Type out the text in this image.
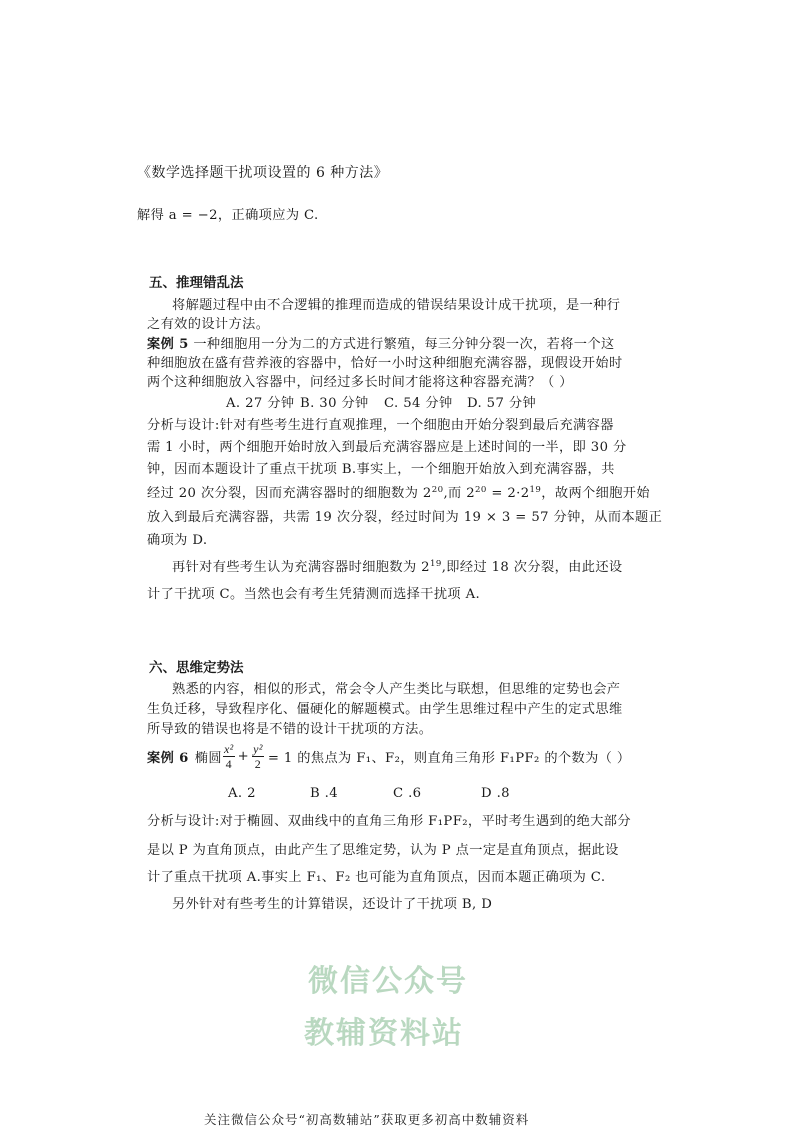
《数学选择题干扰项设置的 6 种方法》
解得 a = −2，正确项应为 C.
五、推理错乱法
将解题过程中由不合逻辑的推理而造成的错误结果设计成干扰项，是一种行
之有效的设计方法。
案例 5 一种细胞用一分为二的方式进行繁殖，每三分钟分裂一次，若将一个这
种细胞放在盛有营养液的容器中，恰好一小时这种细胞充满容器，现假设开始时
两个这种细胞放入容器中，问经过多长时间才能将这种容器充满？（ ）
A. 27 分钟 B. 30 分钟 C. 54 分钟 D. 57 分钟
分析与设计:针对有些考生进行直观推理，一个细胞由开始分裂到最后充满容器
需 1 小时，两个细胞开始时放入到最后充满容器应是上述时间的一半，即 30 分
钟，因而本题设计了重点干扰项 B.事实上，一个细胞开始放入到充满容器，共
经过 20 次分裂，因而充满容器时的细胞数为 $2^{20}$,而 $2^{20} = 2\cdot 2^{19}$，故两个细胞开始
放入到最后充满容器，共需 19 次分裂，经过时间为 19 × 3 = 57 分钟，从而本题正
确项为 D.
再针对有些考生认为充满容器时细胞数为 $2^{19}$,即经过 18 次分裂，由此还设
计了干扰项 C。当然也会有考生凭猜测而选择干扰项 A.
六、思维定势法
熟悉的内容，相似的形式，常会令人产生类比与联想，但思维的定势也会产
生负迁移，导致程序化、僵硬化的解题模式。由学生思维过程中产生的定式思维
所导致的错误也将是不错的设计干扰项的方法。
案例 6 椭圆 $\frac{\text{x²}}{4} + \frac{\text{y²}}{2} = 1$ 的焦点为 F₁、F₂，则直角三角形 F₁PF₂ 的个数为（ ）
A. 2	B .4	C .6	D .8
分析与设计:对于椭圆、双曲线中的直角三角形 F₁PF₂，平时考生遇到的绝大部分
是以 P 为直角顶点，由此产生了思维定势，认为 P 点一定是直角顶点，据此设
计了重点干扰项 A.事实上 F₁、F₂ 也可能为直角顶点，因而本题正确项为 C.
另外针对有些考生的计算错误，还设计了干扰项 B, D
微信公众号
教辅资料站
关注微信公众号“初高数辅站”获取更多初高中数辅资料
